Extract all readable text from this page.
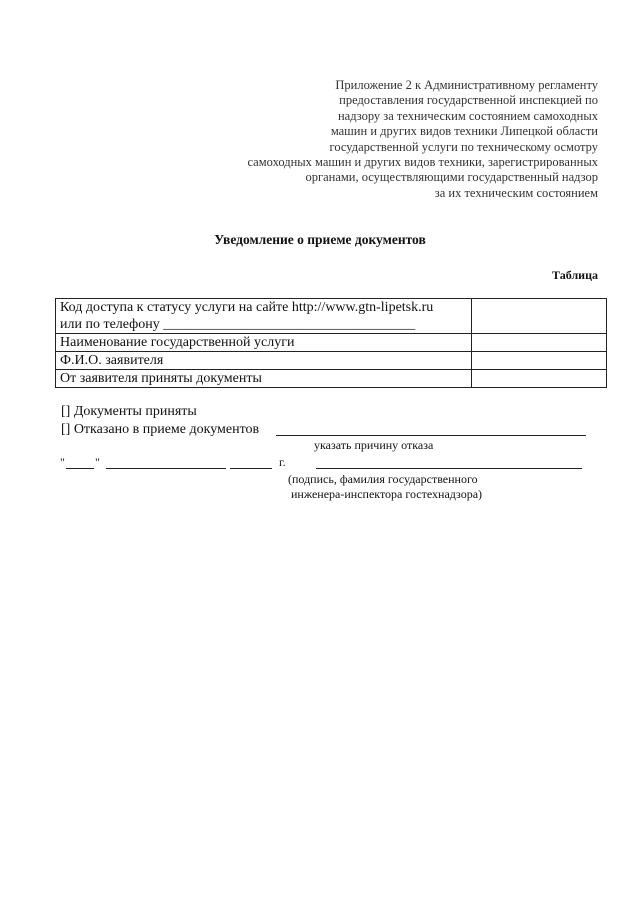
Приложение 2 к Административному регламенту
предоставления государственной инспекцией по
надзору за техническим состоянием самоходных
машин и других видов техники Липецкой области
государственной услуги по техническому осмотру
самоходных машин и других видов техники, зарегистрированных
органами, осуществляющими государственный надзор
за их техническим состоянием
Уведомление о приеме документов
Таблица
Код доступа к статусу услуги на сайте http://www.gtn-lipetsk.ru
или по телефону ____________________________________	

Наименование государственной услуги	
Ф.И.О. заявителя	
От заявителя приняты документы	
[] Документы приняты
[] Отказано в приеме документов
указать причину отказа
"	"	г.
(подпись, фамилия государственного
инженера-инспектора гостехнадзора)
